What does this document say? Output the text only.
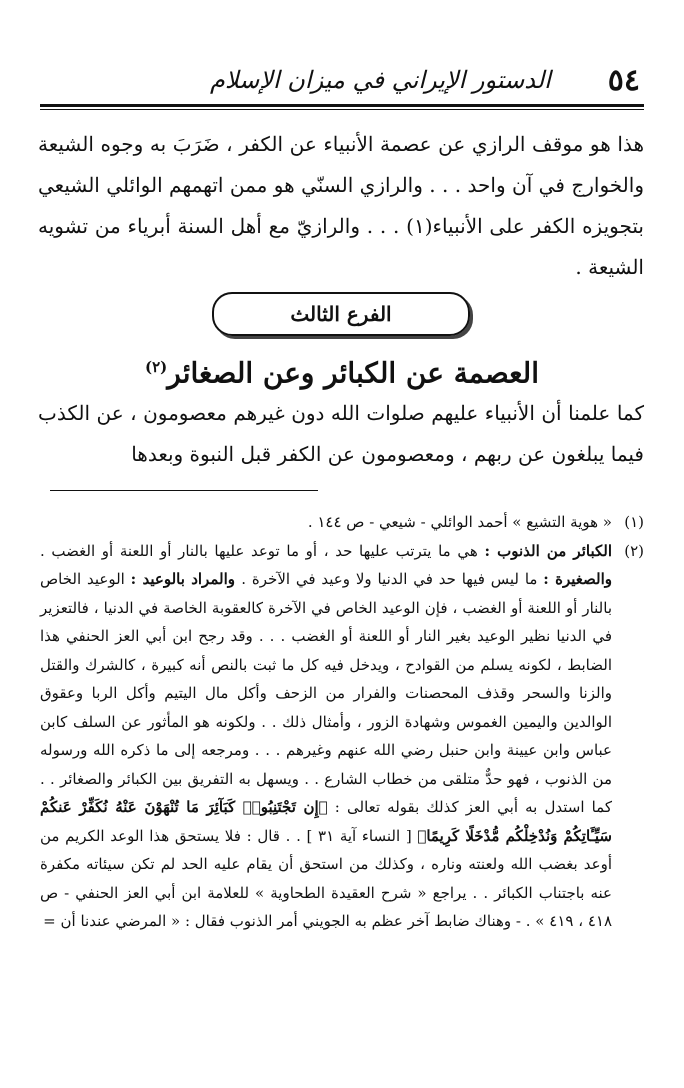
٥٤
الدستور الإيراني في ميزان الإسلام

هذا هو موقف الرازي عن عصمة الأنبياء عن الكفر ، ضَرَبَ به وجوه الشيعة والخوارج في آن واحد . . . والرازي السنّي هو ممن اتهمهم الوائلي الشيعي بتجويزه الكفر على الأنبياء(١) . . . والرازيّ مع أهل السنة أبرياء من تشويه الشيعة .

الفرع الثالث
العصمة عن الكبائر وعن الصغائر$^{(٢)}$

كما علمنا أن الأنبياء عليهم صلوات الله دون غيرهم معصومون ، عن الكذب فيما يبلغون عن ربهم ، ومعصومون عن الكفر قبل النبوة وبعدها

(١)
« هوية التشيع » أحمد الوائلي - شيعي - ص ١٤٤ .
(٢)
الكبائر من الذنوب : هي ما يترتب عليها حد ، أو ما توعد عليها بالنار أو اللعنة أو الغضب . والصغيرة : ما ليس فيها حد في الدنيا ولا وعيد في الآخرة . والمراد بالوعيد : الوعيد الخاص بالنار أو اللعنة أو الغضب ، فإن الوعيد الخاص في الآخرة كالعقوبة الخاصة في الدنيا ، فالتعزير في الدنيا نظير الوعيد بغير النار أو اللعنة أو الغضب . . . وقد رجح ابن أبي العز الحنفي هذا الضابط ، لكونه يسلم من القوادح ، ويدخل فيه كل ما ثبت بالنص أنه كبيرة ، كالشرك والقتل والزنا والسحر وقذف المحصنات والفرار من الزحف وأكل مال اليتيم وأكل الربا وعقوق الوالدين واليمين الغموس وشهادة الزور ، وأمثال ذلك . . ولكونه هو المأثور عن السلف كابن عباس وابن عيينة وابن حنبل رضي الله عنهم وغيرهم . . . ومرجعه إلى ما ذكره الله ورسوله من الذنوب ، فهو حدٌّ متلقى من خطاب الشارع . . ويسهل به التفريق بين الكبائر والصغائر . . كما استدل به أبي العز كذلك بقوله تعالى : ﴿إِن تَجْتَنِبُوا۟ كَبَآئِرَ مَا تُنْهَوْنَ عَنْهُ نُكَفِّرْ عَنكُمْ سَيِّـَٔاتِكُمْ وَنُدْخِلْكُم مُّدْخَلًا كَرِيمًا﴾ [ النساء آية ٣١ ] . . قال : فلا يستحق هذا الوعد الكريم من أوعد بغضب الله ولعنته وناره ، وكذلك من استحق أن يقام عليه الحد لم تكن سيئاته مكفرة عنه باجتناب الكبائر . . يراجع « شرح العقيدة الطحاوية » للعلامة ابن أبي العز الحنفي - ص ٤١٨ ، ٤١٩ » . - وهناك ضابط آخر عظم به الجويني أمر الذنوب فقال : « المرضي عندنا أن =
